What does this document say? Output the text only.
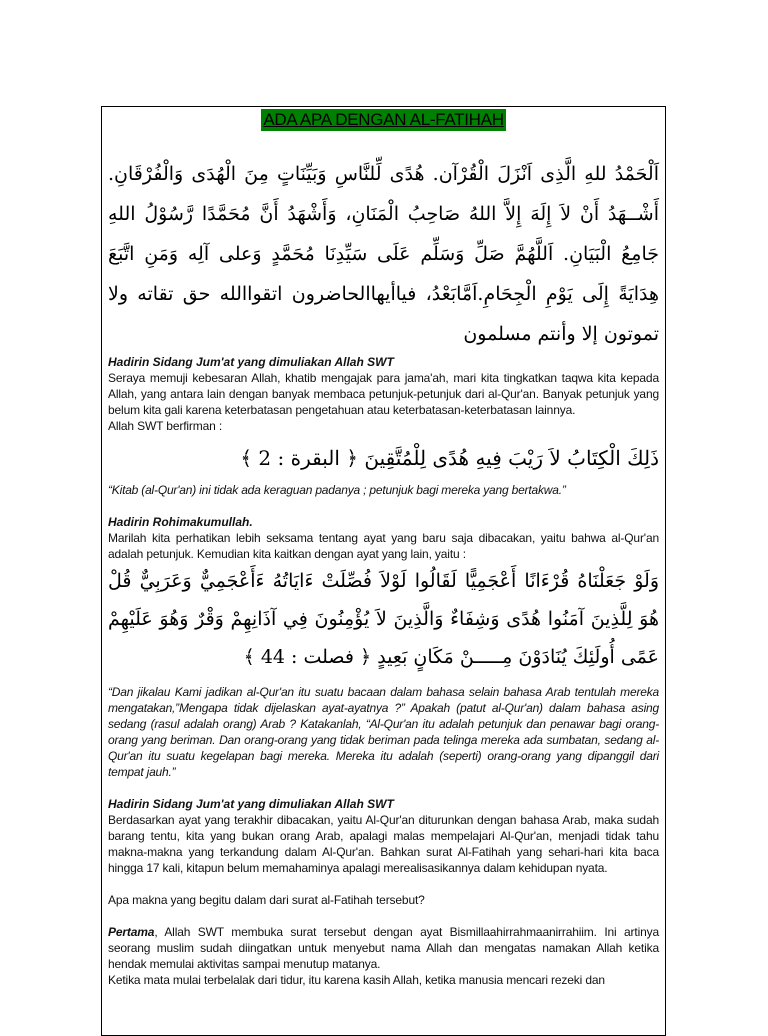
ADA APA DENGAN AL-FATIHAH
اَلْحَمْدُ للهِ الَّذِى اَنْزَلَ الْقُرْآن. هُدًى لِّلنَّاسِ وَبَيِّنَاتٍ مِنَ الْهُدَى وَالْفُرْقَانِ. أَشْــهَدُ أَنْ لاَ إِلَهَ إِلاَّ اللهُ صَاحِبُ الْمَنَانِ، وَأَشْهَدُ أَنَّ مُحَمَّدًا رَّسُوْلُ اللهِ جَامِعُ الْبَيَانِ. اَللَّهُمَّ صَلِّ وَسَلِّم عَلَى سَيِّدِنَا مُحَمَّدٍ وَعلى آلِه وَمَنِ اتَّبَعَ هِدَايَةً إِلَى يَوْمِ الْجِحَامِ.اَمَّابَعْدُ، فياأيهاالحاضرون اتقواالله حق تقاته ولا تموتون إلا وأنتم مسلمون

Hadirin Sidang Jum'at yang dimuliakan Allah SWT

Seraya memuji kebesaran Allah, khatib mengajak para jama'ah, mari kita tingkatkan taqwa kita kepada Allah, yang antara lain dengan banyak membaca petunjuk-petunjuk dari al-Qur'an. Banyak petunjuk yang belum kita gali karena keterbatasan pengetahuan atau keterbatasan-keterbatasan lainnya.

Allah SWT berfirman :

ذَلِكَ الْكِتَابُ لاَ رَيْبَ فِيهِ هُدًى لِلْمُتَّقِينَ ﴿ البقرة : 2 ﴾

“Kitab (al-Qur'an) ini tidak ada keraguan padanya ; petunjuk bagi mereka yang bertakwa.”

Hadirin Rohimakumullah.

Marilah kita perhatikan lebih seksama tentang ayat yang baru saja dibacakan, yaitu bahwa al-Qur'an adalah petunjuk. Kemudian kita kaitkan dengan ayat yang lain, yaitu :

وَلَوْ جَعَلْنَاهُ قُرْءَانًا أَعْجَمِيًّا لَقَالُوا لَوْلاَ فُصِّلَتْ ءَايَاتُهُ ءَأَعْجَمِيٌّ وَعَرَبِيٌّ قُلْ هُوَ لِلَّذِينَ آمَنُوا هُدًى وَشِفَاءٌ وَالَّذِينَ لاَ يُؤْمِنُونَ فِي آذَانِهِمْ وَقْرٌ وَهُوَ عَلَيْهِمْ عَمًى أُولَئِكَ يُنَادَوْنَ مِـــــنْ مَكَانٍ بَعِيدٍ ﴿ فصلت : 44 ﴾

“Dan jikalau Kami jadikan al-Qur'an itu suatu bacaan dalam bahasa selain bahasa Arab tentulah mereka mengatakan,”Mengapa tidak dijelaskan ayat-ayatnya ?” Apakah (patut al-Qur'an) dalam bahasa asing sedang (rasul adalah orang) Arab ? Katakanlah, “Al-Qur'an itu adalah petunjuk dan penawar bagi orang-orang yang beriman. Dan orang-orang yang tidak beriman pada telinga mereka ada sumbatan, sedang al-Qur'an itu suatu kegelapan bagi mereka. Mereka itu adalah (seperti) orang-orang yang dipanggil dari tempat jauh.”

Hadirin Sidang Jum'at yang dimuliakan Allah SWT

Berdasarkan ayat yang terakhir dibacakan, yaitu Al-Qur'an diturunkan dengan bahasa Arab, maka sudah barang tentu, kita yang bukan orang Arab, apalagi malas mempelajari Al-Qur'an, menjadi tidak tahu makna-makna yang terkandung dalam Al-Qur'an. Bahkan surat Al-Fatihah yang sehari-hari kita baca hingga 17 kali, kitapun belum memahaminya apalagi merealisasikannya dalam kehidupan nyata.

Apa makna yang begitu dalam dari surat al-Fatihah tersebut?

Pertama, Allah SWT membuka surat tersebut dengan ayat Bismillaahirrahmaanirrahiim. Ini artinya seorang muslim sudah diingatkan untuk menyebut nama Allah dan mengatas namakan Allah ketika hendak memulai aktivitas sampai menutup matanya.

Ketika mata mulai terbelalak dari tidur, itu karena kasih Allah, ketika manusia mencari rezeki dan
